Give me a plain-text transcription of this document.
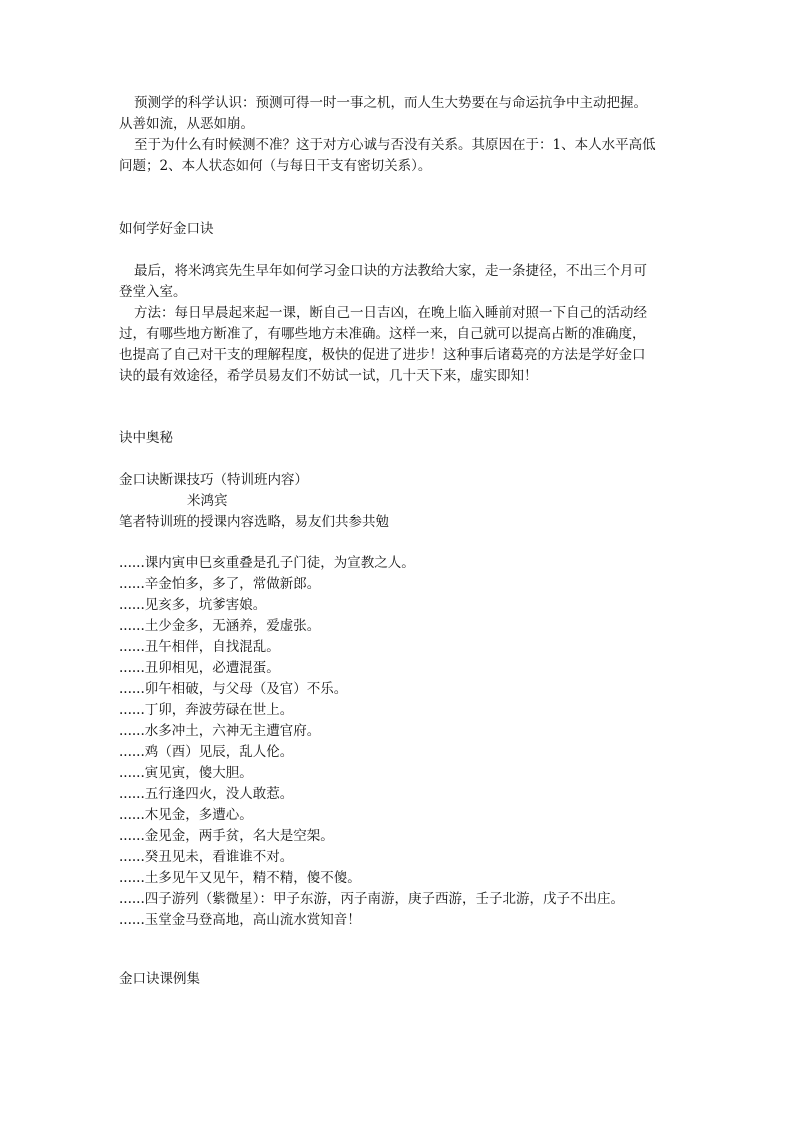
预测学的科学认识：预测可得一时一事之机，而人生大势要在与命运抗争中主动把握。
从善如流，从恶如崩。
至于为什么有时候测不准？这于对方心诚与否没有关系。其原因在于：1、本人水平高低
问题；2、本人状态如何（与每日干支有密切关系）。
如何学好金口诀
最后，将米鸿宾先生早年如何学习金口诀的方法教给大家，走一条捷径，不出三个月可
登堂入室。
方法：每日早晨起来起一课，断自己一日吉凶，在晚上临入睡前对照一下自己的活动经
过，有哪些地方断准了，有哪些地方未准确。这样一来，自己就可以提高占断的准确度，
也提高了自己对干支的理解程度，极快的促进了进步！这种事后诸葛亮的方法是学好金口
诀的最有效途径，希学员易友们不妨试一试，几十天下来，虚实即知！
诀中奥秘
金口诀断课技巧（特训班内容）
米鸿宾
笔者特训班的授课内容选略，易友们共参共勉
......课内寅申巳亥重叠是孔子门徒，为宣教之人。
......辛金怕多，多了，常做新郎。
......见亥多，坑爹害娘。
......土少金多，无涵养，爱虚张。
......丑午相伴，自找混乱。
......丑卯相见，必遭混蛋。
......卯午相破，与父母（及官）不乐。
......丁卯，奔波劳碌在世上。
......水多冲土，六神无主遭官府。
......鸡（酉）见辰，乱人伦。
......寅见寅，傻大胆。
......五行逢四火，没人敢惹。
......木见金，多遭心。
......金见金，两手贫，名大是空架。
......癸丑见未，看谁谁不对。
......土多见午又见午，精不精，傻不傻。
......四子游列（紫微星）：甲子东游，丙子南游，庚子西游，壬子北游，戊子不出庄。
......玉堂金马登高地，高山流水赏知音！
金口诀课例集
